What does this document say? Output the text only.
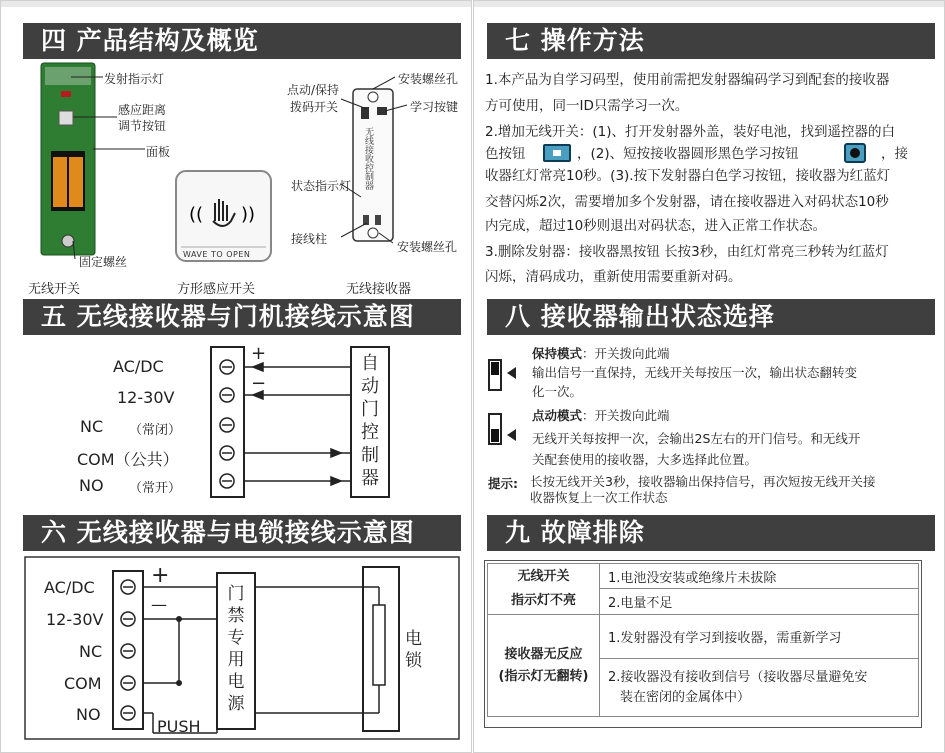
四 产品结构及概览
(( ))
发射指示灯
感应距离
调节按钮
面板
固定螺丝
点动/保持
拨码开关
安装螺丝孔
学习按键
状态指示灯
接线柱
安装螺丝孔
WAVE TO OPEN
无线接收控制器
无线开关	方形感应开关	无线接收器
五 无线接收器与门机接线示意图
AC/DC
12-30V
NC （常闭）
COM（公共）
NO （常开）
+
−
自
动
门
控
制
器
六 无线接收器与电锁接线示意图
AC/DC
12-30V
NC
COM
NO
+
—
门
禁
专
用
电
源
PUSH
电
锁
七 操作方法
1.本产品为自学习码型，使用前需把发射器编码学习到配套的接收器
方可使用，同一ID只需学习一次。
2.增加无线开关：(1)、打开发射器外盖，装好电池，找到遥控器的白
色按钮	，(2)、短按接收器圆形黑色学习按钮	，接
收器红灯常亮10秒。(3).按下发射器白色学习按钮，接收器为红蓝灯
交替闪烁2次，需要增加多个发射器，请在接收器进入对码状态10秒
内完成，超过10秒则退出对码状态，进入正常工作状态。
3.删除发射器：接收器黑按钮 长按3秒，由红灯常亮三秒转为红蓝灯
闪烁，清码成功，重新使用需要重新对码。
八 接收器输出状态选择
保持模式：开关拨向此端
输出信号一直保持，无线开关每按压一次，输出状态翻转变
化一次。
点动模式：开关拨向此端
无线开关每按押一次，会输出2S左右的开门信号。和无线开
关配套使用的接收器，大多选择此位置。
提示: 长按无线开关3秒，接收器输出保持信号，再次短按无线开关接
收器恢复上一次工作状态
九 故障排除
无线开关
指示灯不亮	1.电池没安装或绝缘片未拔除
	2.电量不足

接收器无反应
(指示灯无翻转)	1.发射器没有学习到接收器，需重新学习

	2.接收器没有接收到信号（接收器尽量避免安
装在密闭的金属体中）
